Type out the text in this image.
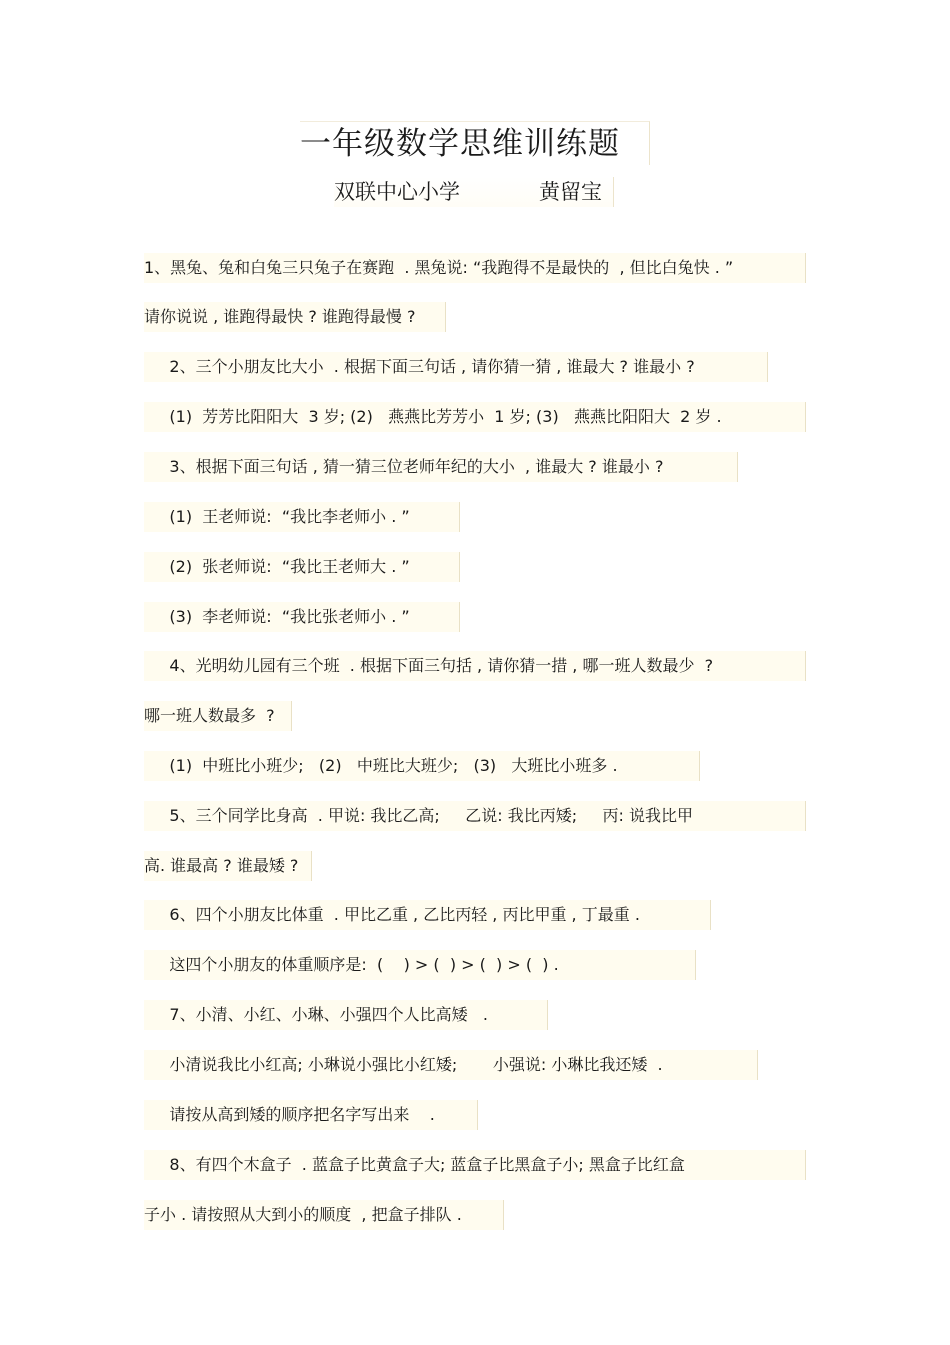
一年级数学思维训练题
双联中心小学	黄留宝
1、黑兔、兔和白兔三只兔子在赛跑  . 黑兔说: “我跑得不是最快的  , 但比白兔快 . ”
请你说说 , 谁跑得最快 ? 谁跑得最慢 ?
2、三个小朋友比大小  . 根据下面三句话 , 请你猜一猜 , 谁最大 ? 谁最小 ?
(1)  芳芳比阳阳大  3 岁; (2)   燕燕比芳芳小  1 岁; (3)   燕燕比阳阳大  2 岁 .
3、根据下面三句话 , 猜一猜三位老师年纪的大小  , 谁最大 ? 谁最小 ?
(1)  王老师说:  “我比李老师小 . ”
(2)  张老师说:  “我比王老师大 . ”
(3)  李老师说:  “我比张老师小 . ”
4、光明幼儿园有三个班  . 根据下面三句括 , 请你猜一措 , 哪一班人数最少  ?
哪一班人数最多  ?
(1)  中班比小班少;   (2)   中班比大班少;   (3)   大班比小班多 .
5、三个同学比身高  . 甲说: 我比乙高;     乙说: 我比丙矮;     丙: 说我比甲
高. 谁最高 ? 谁最矮 ?
6、四个小朋友比体重  . 甲比乙重 , 乙比丙轻 , 丙比甲重 , 丁最重 .
这四个小朋友的体重顺序是:  (    ) > (  ) > (  ) > (  ) .
7、小清、小红、小琳、小强四个人比高矮   .
小清说我比小红高; 小琳说小强比小红矮;       小强说: 小琳比我还矮  .
请按从高到矮的顺序把名字写出来    .
8、有四个木盒子  . 蓝盒子比黄盒子大; 蓝盒子比黑盒子小; 黑盒子比红盒
子小 . 请按照从大到小的顺度  , 把盒子排队 .
